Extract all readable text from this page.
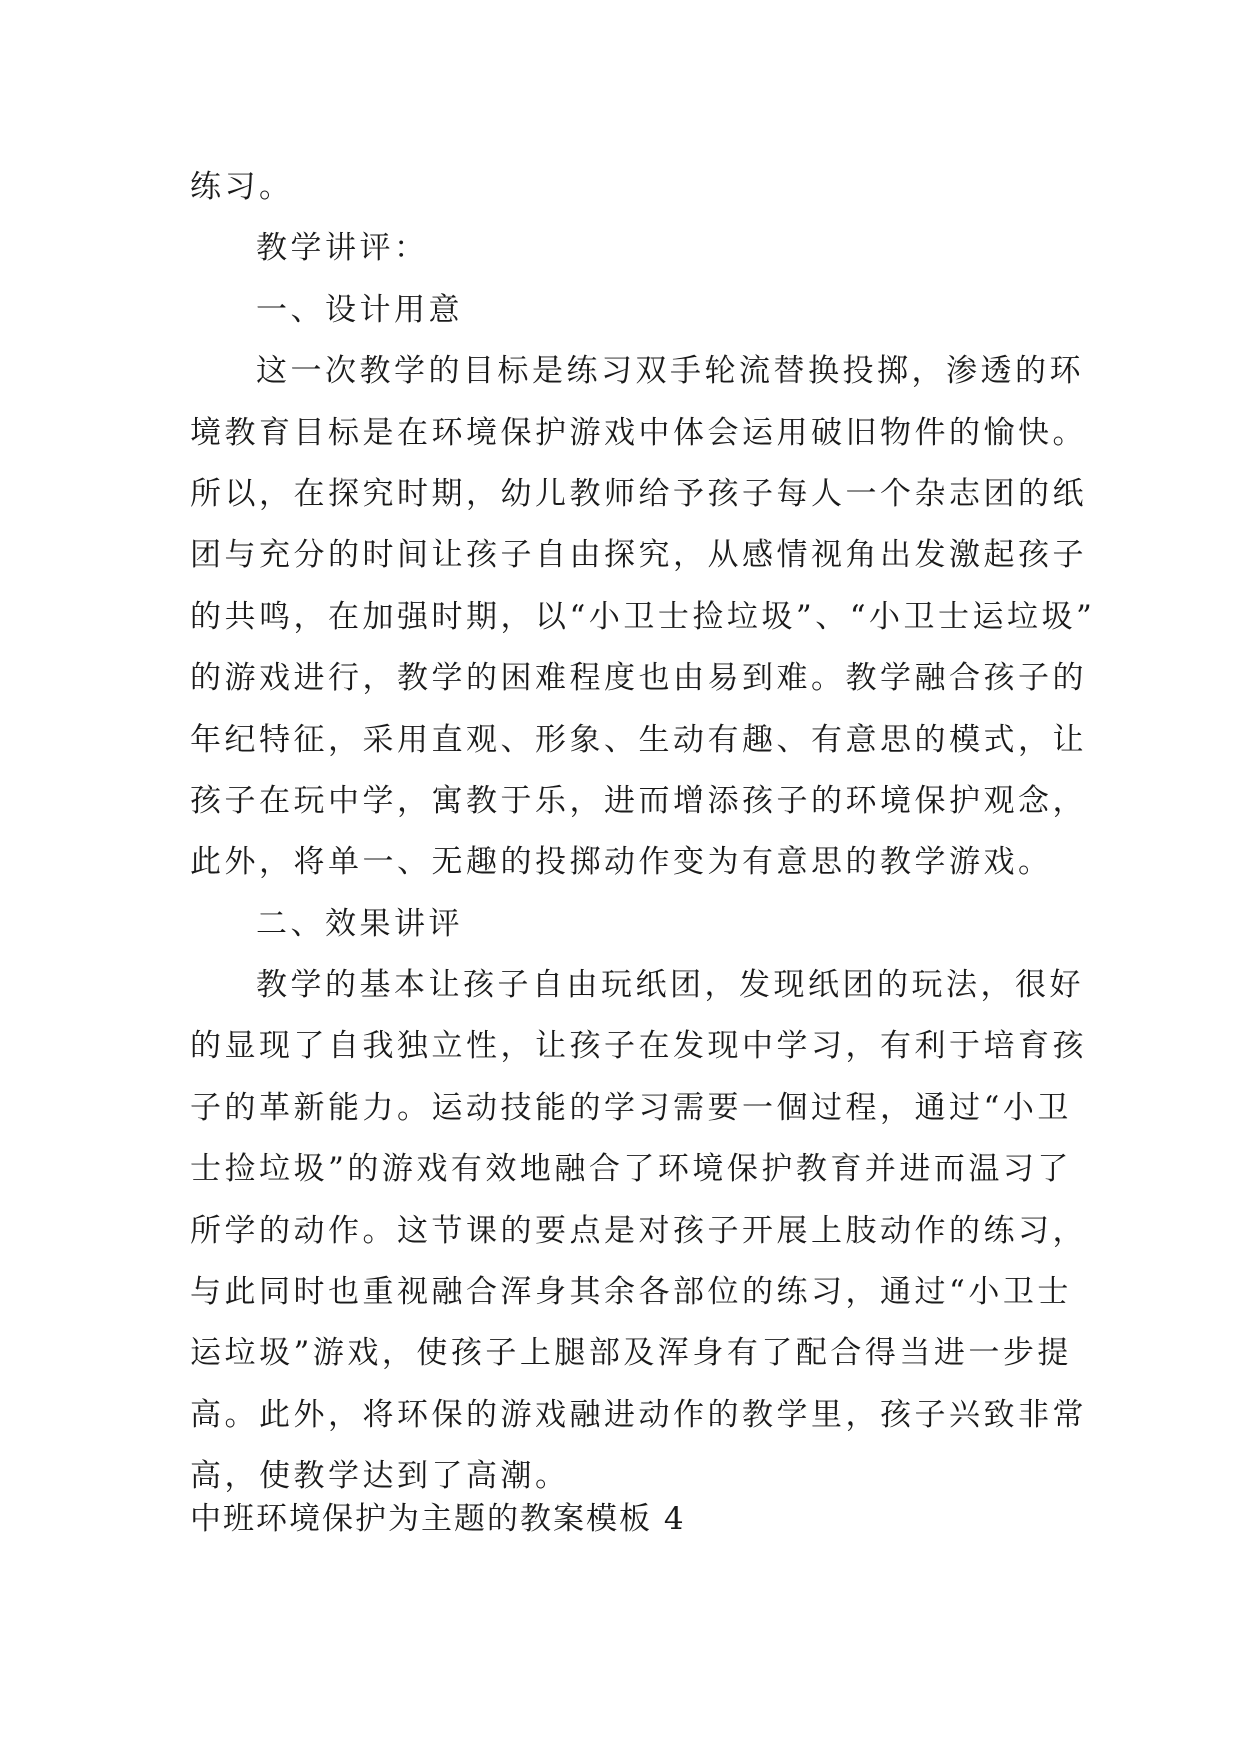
练习。
教学讲评：
一、设计用意
这一次教学的目标是练习双手轮流替换投掷，渗透的环
境教育目标是在环境保护游戏中体会运用破旧物件的愉快。
所以，在探究时期，幼儿教师给予孩子每人一个杂志团的纸
团与充分的时间让孩子自由探究，从感情视角出发激起孩子
的共鸣，在加强时期，以“小卫士捡垃圾”、“小卫士运垃圾”
的游戏进行，教学的困难程度也由易到难。教学融合孩子的
年纪特征，采用直观、形象、生动有趣、有意思的模式，让
孩子在玩中学，寓教于乐，进而增添孩子的环境保护观念，
此外，将单一、无趣的投掷动作变为有意思的教学游戏。
二、效果讲评
教学的基本让孩子自由玩纸团，发现纸团的玩法，很好
的显现了自我独立性，让孩子在发现中学习，有利于培育孩
子的革新能力。运动技能的学习需要一個过程，通过“小卫
士捡垃圾”的游戏有效地融合了环境保护教育并进而温习了
所学的动作。这节课的要点是对孩子开展上肢动作的练习，
与此同时也重视融合浑身其余各部位的练习，通过“小卫士
运垃圾”游戏，使孩子上腿部及浑身有了配合得当进一步提
高。此外，将环保的游戏融进动作的教学里，孩子兴致非常
高，使教学达到了高潮。
中班环境保护为主题的教案模板 4
